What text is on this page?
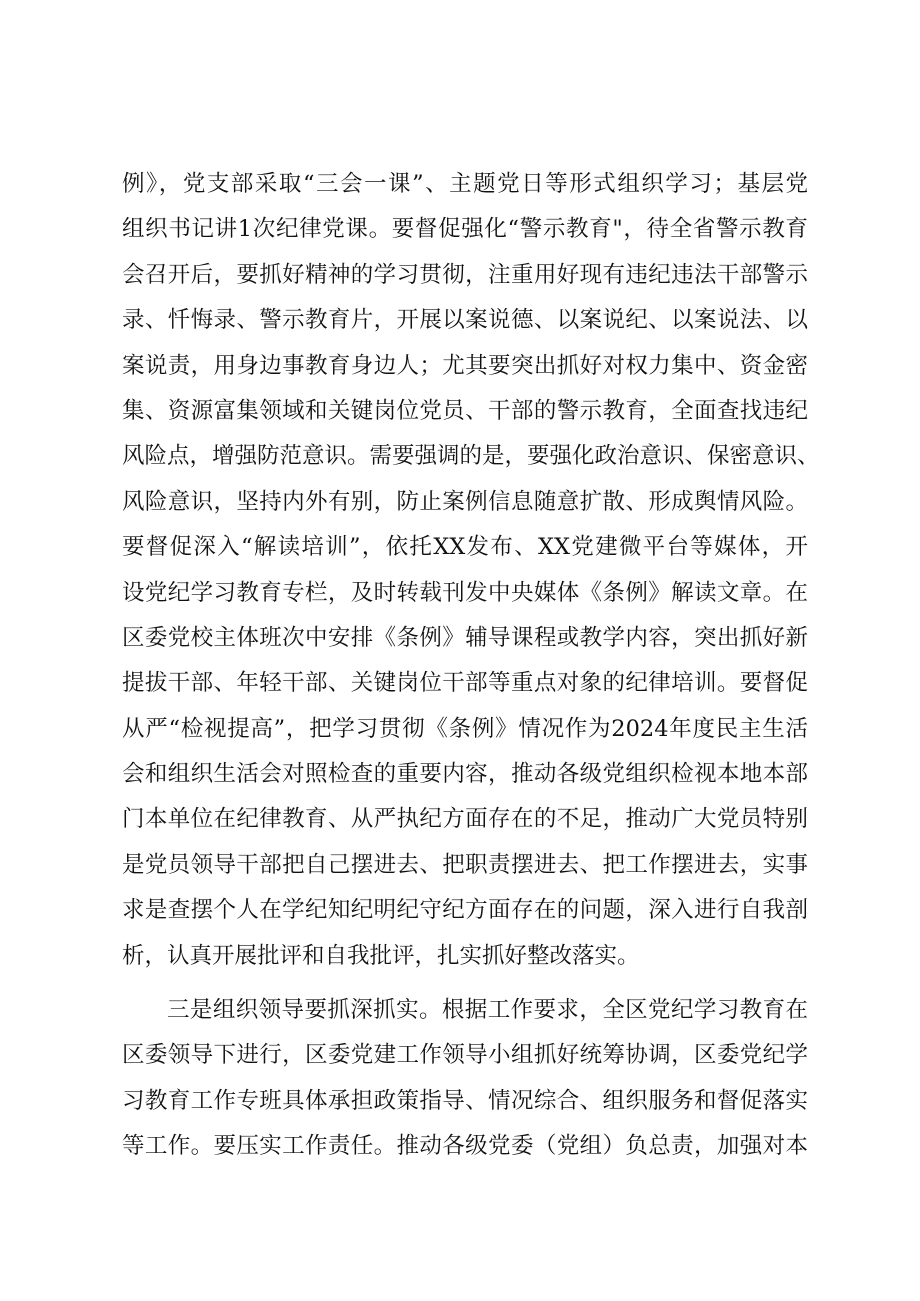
例》，党支部采取“三会一课”、主题党日等形式组织学习；基层党
组织书记讲1次纪律党课。要督促强化“警示教育"，待全省警示教育
会召开后，要抓好精神的学习贯彻，注重用好现有违纪违法干部警示
录、忏悔录、警示教育片，开展以案说德、以案说纪、以案说法、以
案说责，用身边事教育身边人；尤其要突出抓好对权力集中、资金密
集、资源富集领域和关键岗位党员、干部的警示教育，全面查找违纪
风险点，增强防范意识。需要强调的是，要强化政治意识、保密意识、
风险意识，坚持内外有别，防止案例信息随意扩散、形成舆情风险。
要督促深入“解读培训”，依托XX发布、XX党建微平台等媒体，开
设党纪学习教育专栏，及时转载刊发中央媒体《条例》解读文章。在
区委党校主体班次中安排《条例》辅导课程或教学内容，突出抓好新
提拔干部、年轻干部、关键岗位干部等重点对象的纪律培训。要督促
从严“检视提高”，把学习贯彻《条例》情况作为2024年度民主生活
会和组织生活会对照检查的重要内容，推动各级党组织检视本地本部
门本单位在纪律教育、从严执纪方面存在的不足，推动广大党员特别
是党员领导干部把自己摆进去、把职责摆进去、把工作摆进去，实事
求是查摆个人在学纪知纪明纪守纪方面存在的问题，深入进行自我剖
析，认真开展批评和自我批评，扎实抓好整改落实。
三是组织领导要抓深抓实。根据工作要求，全区党纪学习教育在
区委领导下进行，区委党建工作领导小组抓好统筹协调，区委党纪学
习教育工作专班具体承担政策指导、情况综合、组织服务和督促落实
等工作。要压实工作责任。推动各级党委（党组）负总责，加强对本
